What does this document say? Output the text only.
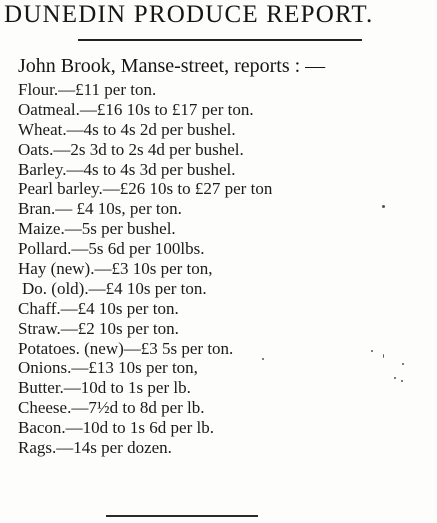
DUNEDIN PRODUCE REPORT.
John Brook, Manse-street, reports : —
Flour.—£11 per ton.
Oatmeal.—£16 10s to £17 per ton.
Wheat.—4s to 4s 2d per bushel.
Oats.—2s 3d to 2s 4d per bushel.
Barley.—4s to 4s 3d per bushel.
Pearl barley.—£26 10s to £27 per ton
Bran.— £4 10s, per ton.
Maize.—5s per bushel.
Pollard.—5s 6d per 100lbs.
Hay (new).—£3 10s per ton,
Do. (old).—£4 10s per ton.
Chaff.—£4 10s per ton.
Straw.—£2 10s per ton.
Potatoes. (new)—£3 5s per ton.
Onions.—£13 10s per ton,
Butter.—10d to 1s per lb.
Cheese.—7½d to 8d per lb.
Bacon.—10d to 1s 6d per lb.
Rags.—14s per dozen.
